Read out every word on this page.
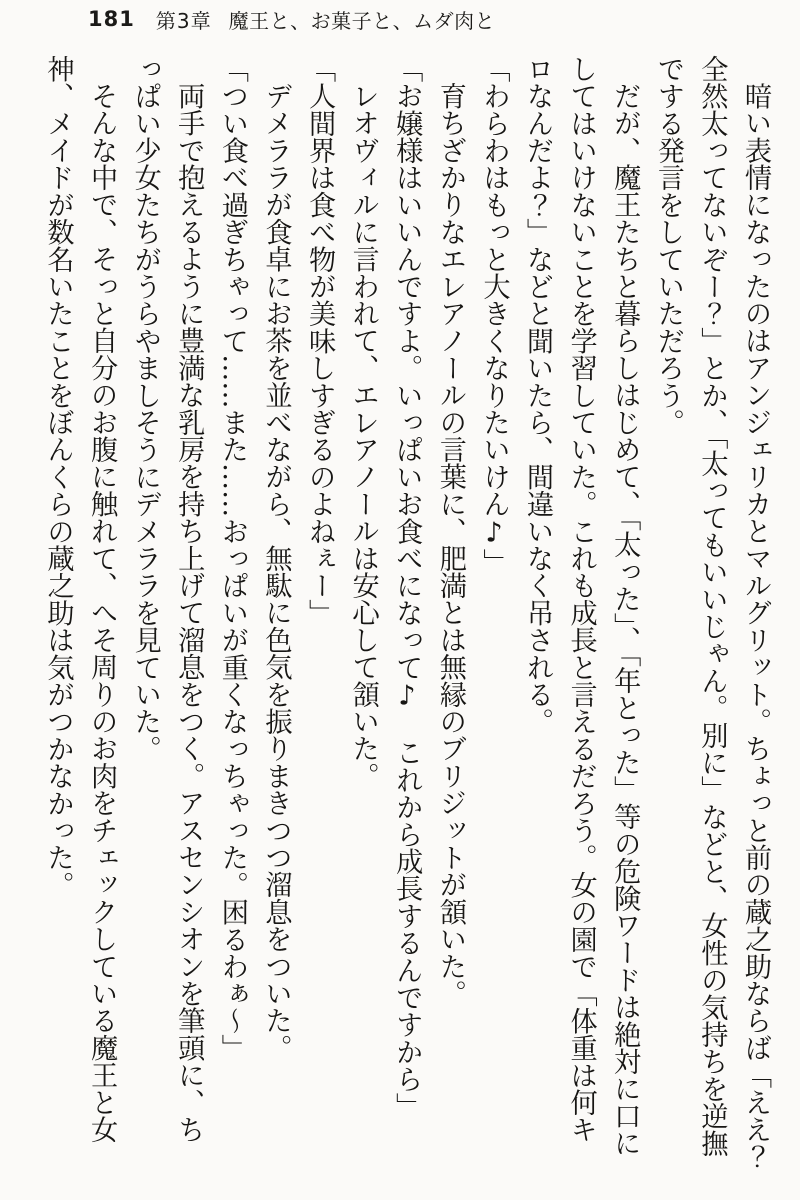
181 第3章 魔王と、お菓子と、ムダ肉と

暗い表情になったのはアンジェリカとマルグリット。ちょっと前の蔵之助ならば「ええ？

全然太ってないぞー？」とか、「太ってもいいじゃん。別に」などと、女性の気持ちを逆撫

でする発言をしていただろう。

だが、魔王たちと暮らしはじめて、「太った」、「年とった」等の危険ワードは絶対に口に

してはいけないことを学習していた。これも成長と言えるだろう。女の園で「体重は何キ

ロなんだよ？」などと聞いたら、間違いなく吊される。

「わらわはもっと大きくなりたいけん♪」

育ちざかりなエレアノールの言葉に、肥満とは無縁のブリジットが頷いた。

「お嬢様はいいんですよ。いっぱいお食べになって♪　これから成長するんですから」

レオヴィルに言われて、エレアノールは安心して頷いた。

「人間界は食べ物が美味しすぎるのよねぇー」

デメララが食卓にお茶を並べながら、無駄に色気を振りまきつつ溜息をついた。

「つい食べ過ぎちゃって……また……おっぱいが重くなっちゃった。困るわぁ～」

両手で抱えるように豊満な乳房を持ち上げて溜息をつく。アスセンシオンを筆頭に、ち

っぱい少女たちがうらやましそうにデメララを見ていた。

そんな中で、そっと自分のお腹に触れて、へそ周りのお肉をチェックしている魔王と女

神、メイドが数名いたことをぼんくらの蔵之助は気がつかなかった。
